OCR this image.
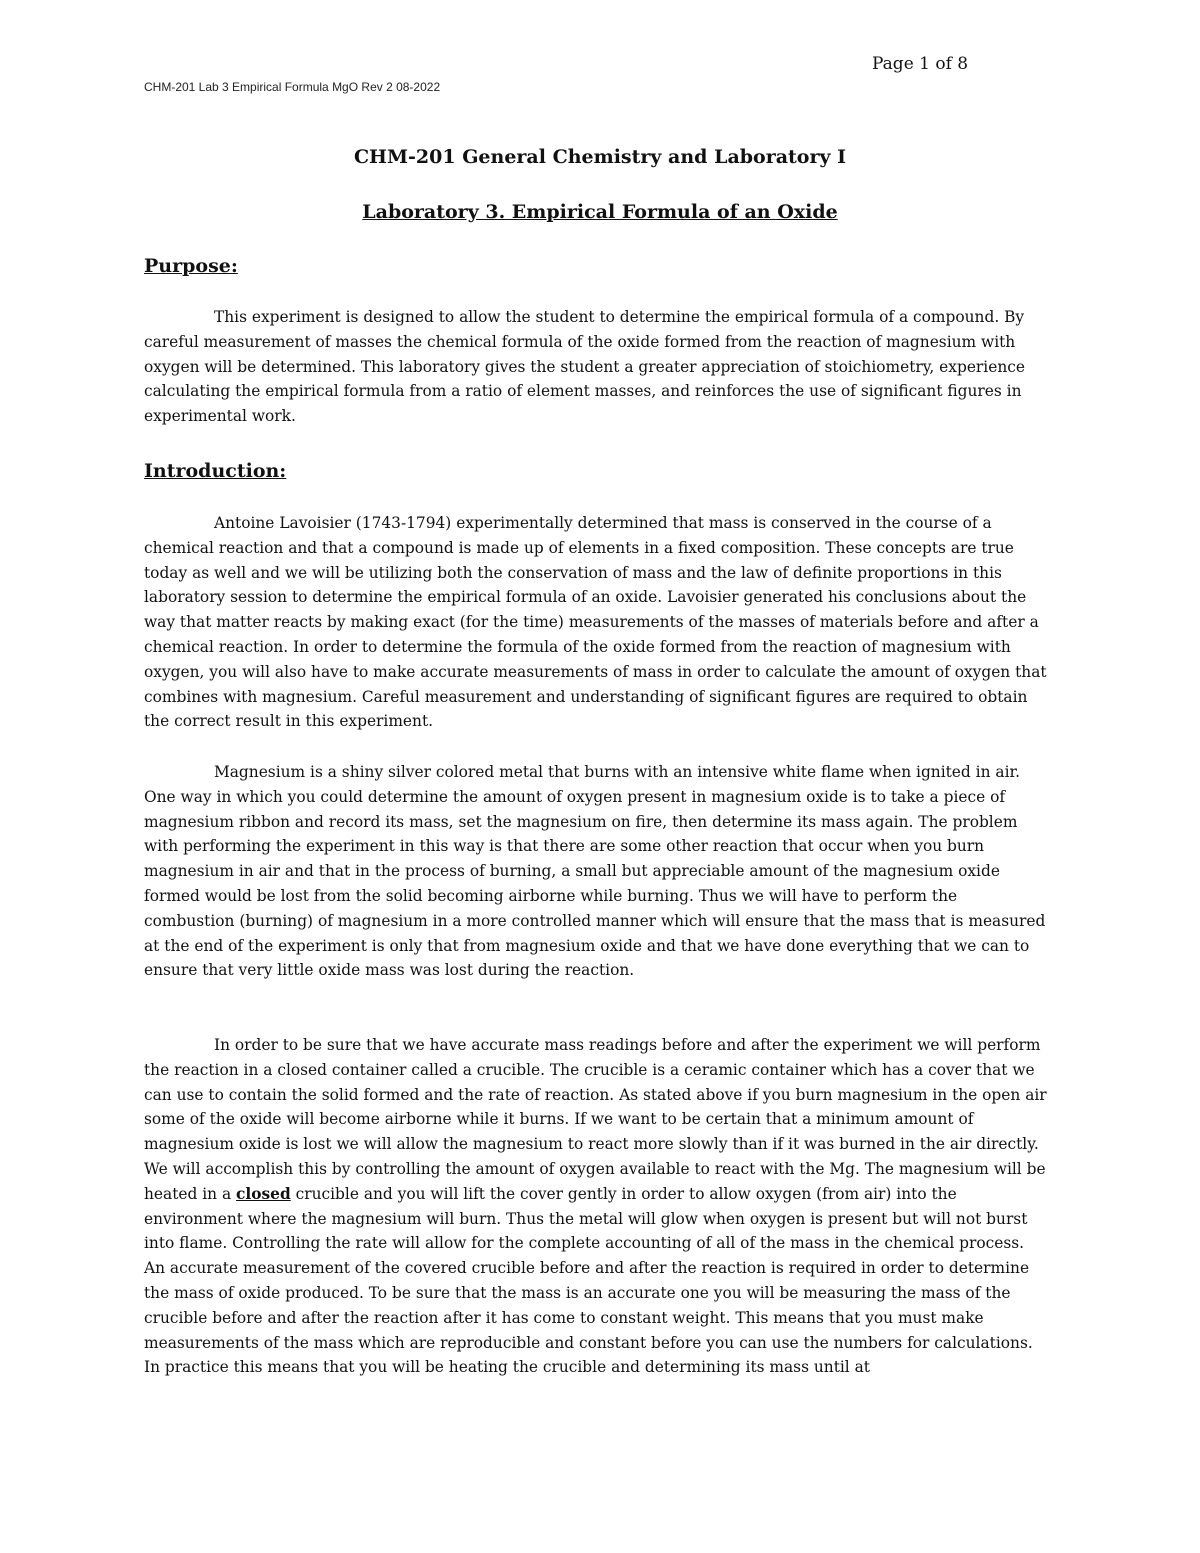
Page 1 of 8
CHM-201 Lab 3 Empirical Formula MgO Rev 2 08-2022
CHM-201 General Chemistry and Laboratory I
Laboratory 3. Empirical Formula of an Oxide
Purpose:

This experiment is designed to allow the student to determine the empirical formula of a compound. By careful measurement of masses the chemical formula of the oxide formed from the reaction of magnesium with oxygen will be determined. This laboratory gives the student a greater appreciation of stoichiometry, experience calculating the empirical formula from a ratio of element masses, and reinforces the use of significant figures in experimental work.

Introduction:

Antoine Lavoisier (1743-1794) experimentally determined that mass is conserved in the course of a chemical reaction and that a compound is made up of elements in a fixed composition. These concepts are true today as well and we will be utilizing both the conservation of mass and the law of definite proportions in this laboratory session to determine the empirical formula of an oxide. Lavoisier generated his conclusions about the way that matter reacts by making exact (for the time) measurements of the masses of materials before and after a chemical reaction. In order to determine the formula of the oxide formed from the reaction of magnesium with oxygen, you will also have to make accurate measurements of mass in order to calculate the amount of oxygen that combines with magnesium. Careful measurement and understanding of significant figures are required to obtain the correct result in this experiment.

Magnesium is a shiny silver colored metal that burns with an intensive white flame when ignited in air. One way in which you could determine the amount of oxygen present in magnesium oxide is to take a piece of magnesium ribbon and record its mass, set the magnesium on fire, then determine its mass again. The problem with performing the experiment in this way is that there are some other reaction that occur when you burn magnesium in air and that in the process of burning, a small but appreciable amount of the magnesium oxide formed would be lost from the solid becoming airborne while burning. Thus we will have to perform the combustion (burning) of magnesium in a more controlled manner which will ensure that the mass that is measured at the end of the experiment is only that from magnesium oxide and that we have done everything that we can to ensure that very little oxide mass was lost during the reaction.

In order to be sure that we have accurate mass readings before and after the experiment we will perform the reaction in a closed container called a crucible. The crucible is a ceramic container which has a cover that we can use to contain the solid formed and the rate of reaction. As stated above if you burn magnesium in the open air some of the oxide will become airborne while it burns. If we want to be certain that a minimum amount of magnesium oxide is lost we will allow the magnesium to react more slowly than if it was burned in the air directly. We will accomplish this by controlling the amount of oxygen available to react with the Mg. The magnesium will be heated in a closed crucible and you will lift the cover gently in order to allow oxygen (from air) into the environment where the magnesium will burn. Thus the metal will glow when oxygen is present but will not burst into flame. Controlling the rate will allow for the complete accounting of all of the mass in the chemical process. An accurate measurement of the covered crucible before and after the reaction is required in order to determine the mass of oxide produced. To be sure that the mass is an accurate one you will be measuring the mass of the crucible before and after the reaction after it has come to constant weight. This means that you must make measurements of the mass which are reproducible and constant before you can use the numbers for calculations. In practice this means that you will be heating the crucible and determining its mass until at
